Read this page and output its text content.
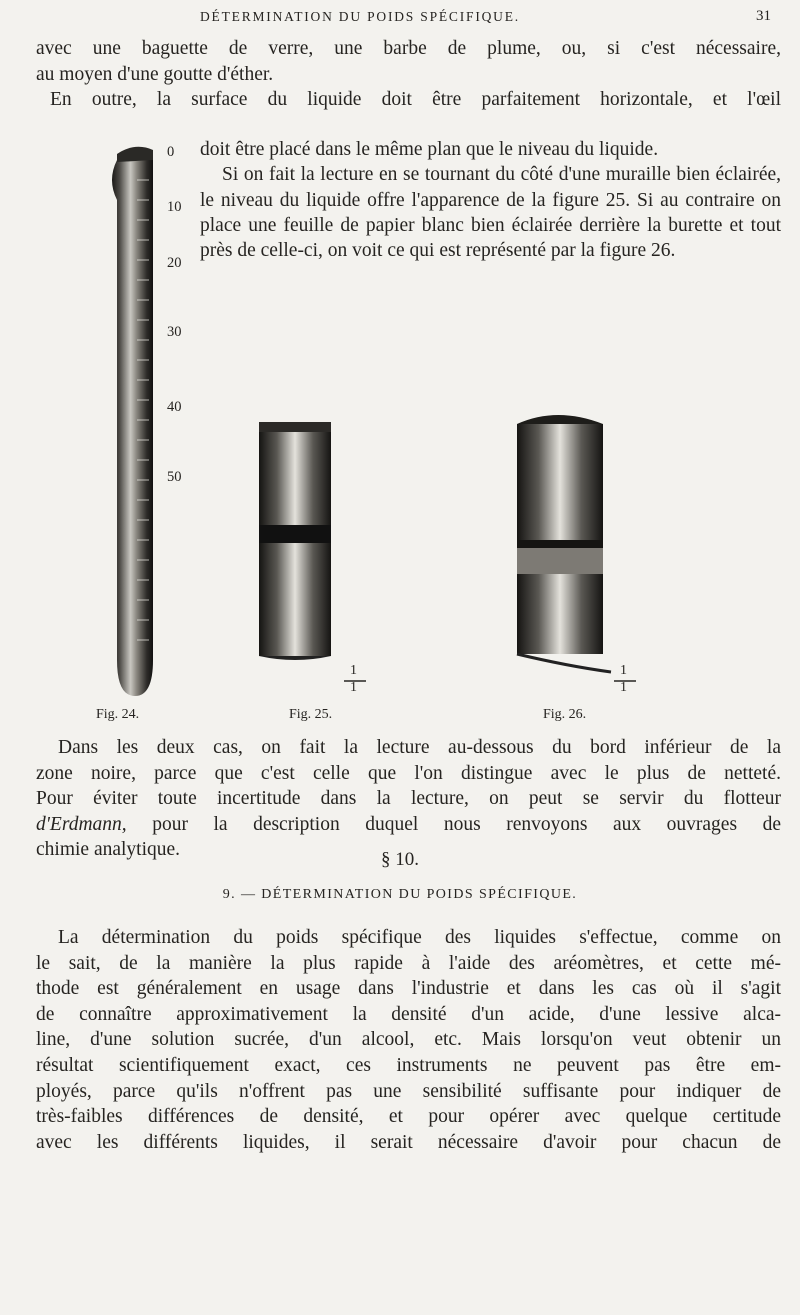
DÉTERMINATION DU POIDS SPÉCIFIQUE.	31
avec une baguette de verre, une barbe de plume, ou, si c'est nécessaire,
au moyen d'une goutte d'éther.
En outre, la surface du liquide doit être parfaitement horizontale, et l'œil

doit être placé dans le même plan que le niveau du liquide.

Si on fait la lecture en se tournant du côté d'une muraille bien éclairée, le niveau du liquide offre l'apparence de la figure 25. Si au contraire on place une feuille de papier blanc bien éclairée derrière la burette et tout près de celle-ci, on voit ce qui est représenté par la figure 26.

0
10
20
30
40
50
1
1
1
1
Fig. 24.	Fig. 25.	Fig. 26.
Dans les deux cas, on fait la lecture au-dessous du bord inférieur de la
zone noire, parce que c'est celle que l'on distingue avec le plus de netteté.
Pour éviter toute incertitude dans la lecture, on peut se servir du flotteur
d'Erdmann, pour la description duquel nous renvoyons aux ouvrages de
chimie analytique.	§ 10.
9. — DÉTERMINATION DU POIDS SPÉCIFIQUE.
La détermination du poids spécifique des liquides s'effectue, comme on
le sait, de la manière la plus rapide à l'aide des aréomètres, et cette mé-
thode est généralement en usage dans l'industrie et dans les cas où il s'agit
de connaître approximativement la densité d'un acide, d'une lessive alca-
line, d'une solution sucrée, d'un alcool, etc. Mais lorsqu'on veut obtenir un
résultat scientifiquement exact, ces instruments ne peuvent pas être em-
ployés, parce qu'ils n'offrent pas une sensibilité suffisante pour indiquer de
très-faibles différences de densité, et pour opérer avec quelque certitude
avec les différents liquides, il serait nécessaire d'avoir pour chacun de
